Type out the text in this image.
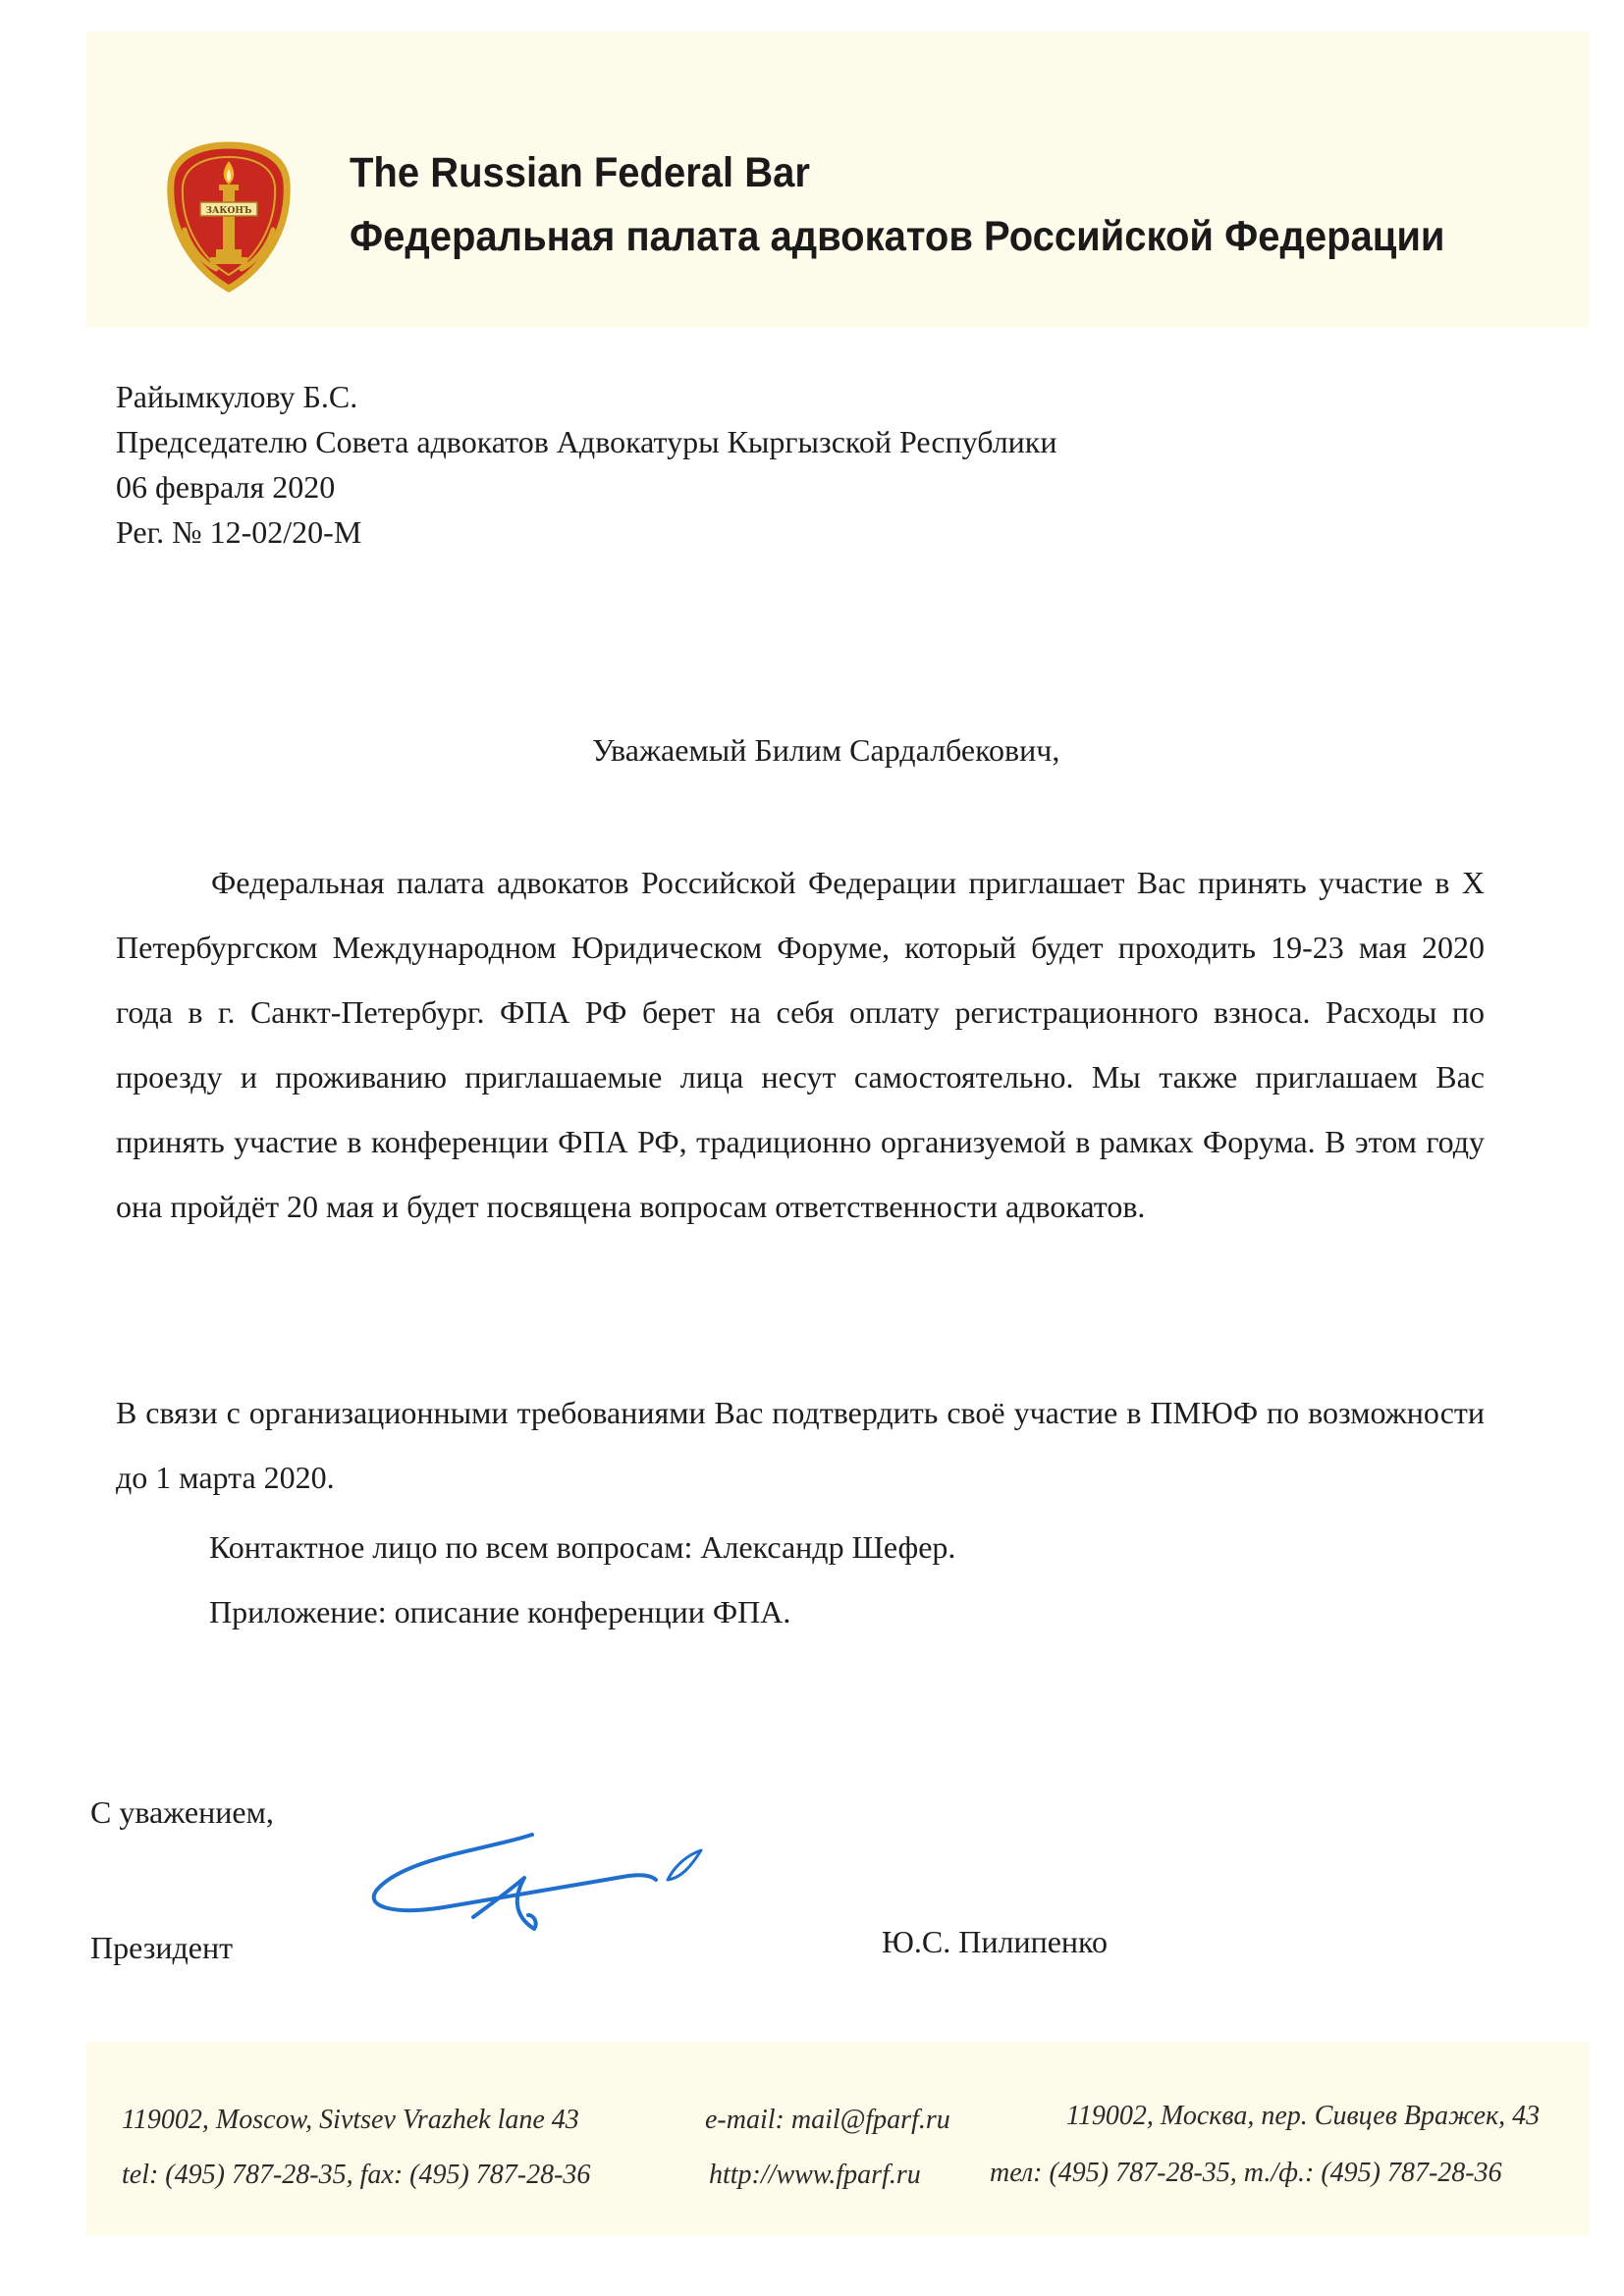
ЗАКОНЪ
The Russian Federal Bar
Федеральная палата адвокатов Российской Федерации
Райымкулову Б.С.
Председателю Совета адвокатов Адвокатуры Кыргызской Республики
06 февраля 2020
Рег. № 12-02/20-М
Уважаемый Билим Сардалбекович,

Федеральная палата адвокатов Российской Федерации приглашает Вас принять участие в X Петербургском Международном Юридическом Форуме, который будет проходить 19-23 мая 2020 года в г. Санкт-Петербург. ФПА РФ берет на себя оплату регистрационного взноса. Расходы по проезду и проживанию приглашаемые лица несут самостоятельно. Мы также приглашаем Вас принять участие в конференции ФПА РФ, традиционно организуемой в рамках Форума. В этом году она пройдёт 20 мая и будет посвящена вопросам ответственности адвокатов.

В связи с организационными требованиями Вас подтвердить своё участие в ПМЮФ по возможности до 1 марта 2020.

Контактное лицо по всем вопросам: Александр Шефер.
Приложение: описание конференции ФПА.
С уважением,
Президент	Ю.С. Пилипенко
119002, Moscow, Sivtsev Vrazhek lane 43
tel: (495) 787-28-35, fax: (495) 787-28-36
e-mail: mail@fparf.ru
http://www.fparf.ru
119002, Москва, пер. Сивцев Вражек, 43
тел: (495) 787-28-35, т./ф.: (495) 787-28-36
